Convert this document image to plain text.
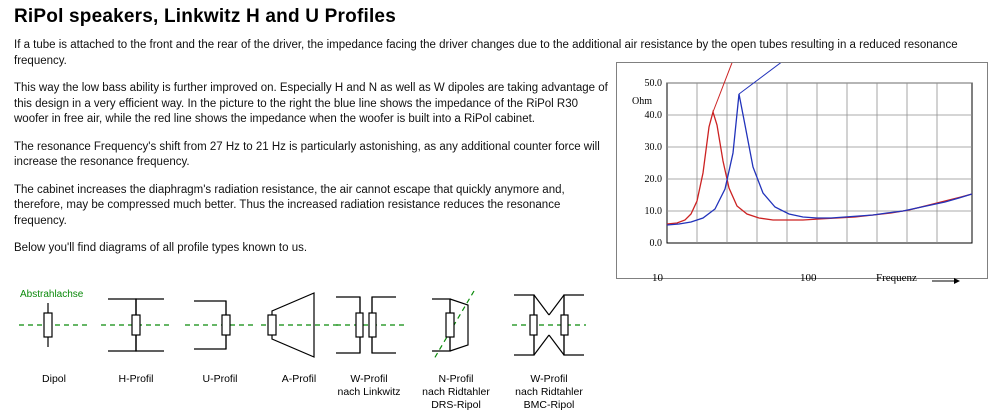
RiPol speakers, Linkwitz H and U Profiles

If a tube is attached to the front and the rear of the driver, the impedance facing the driver changes due to the additional air resistance by the open tubes resulting in a reduced resonance frequency.

This way the low bass ability is further improved on. Especially H and N as well as W dipoles are taking advantage of this design in a very efficient way. In the picture to the right the blue line shows the impedance of the RiPol R30 woofer in free air, while the red line shows the impedance when the woofer is built into a RiPol cabinet.

The resonance Frequency's shift from 27 Hz to 21 Hz is particularly astonishing, as any additional counter force will increase the resonance frequency.

The cabinet increases the diaphragm's radiation resistance, the air cannot escape that quickly anymore and, therefore, may be compressed much better. Thus the increased radiation resistance reduces the resonance frequency.

Below you'll find diagrams of all profile types known to us.

Ohm
50.0
40.0
30.0
20.0
10.0
0.0
10	100	Frequenz
Abstrahlachse
Dipol	H-Profil	U-Profil	A-Profil	W-Profil
nach Linkwitz
N-Profil
nach Ridtahler
DRS-Ripol
W-Profil
nach Ridtahler
BMC-Ripol
